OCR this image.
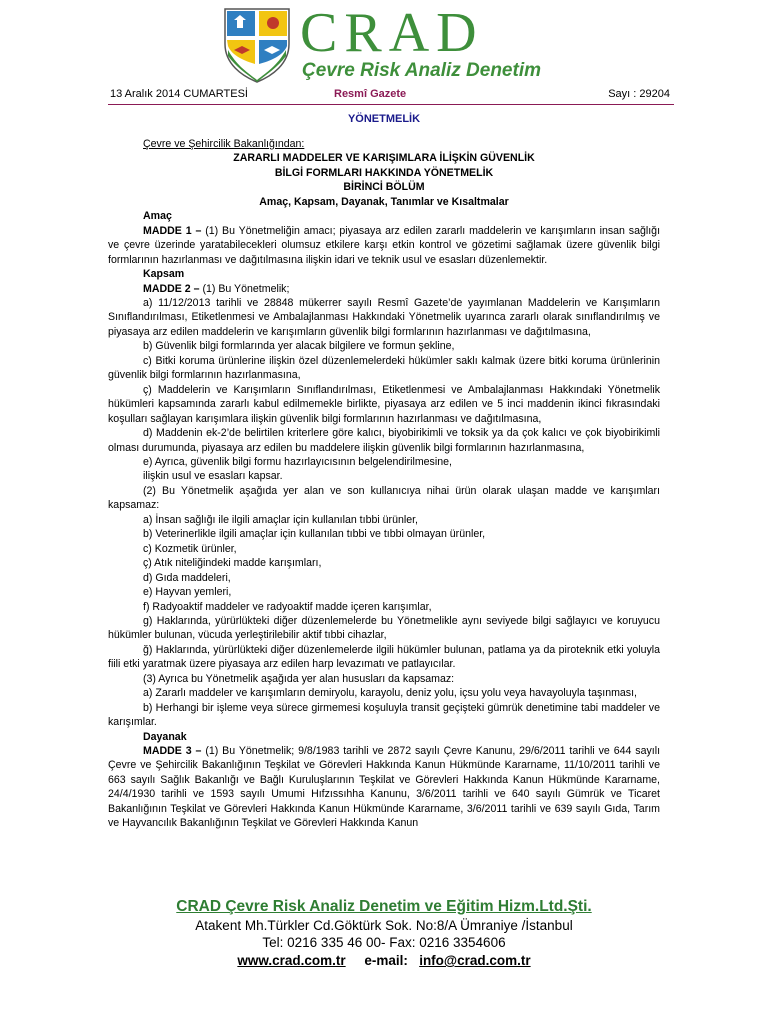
CRAD
Çevre Risk Analiz Denetim
13 Aralık 2014 CUMARTESİ	Resmî Gazete	Sayı : 29204
YÖNETMELİK

Çevre ve Şehircilik Bakanlığından:

ZARARLI MADDELER VE KARIŞIMLARA İLİŞKİN GÜVENLİK

BİLGİ FORMLARI HAKKINDA YÖNETMELİK

BİRİNCİ BÖLÜM

Amaç, Kapsam, Dayanak, Tanımlar ve Kısaltmalar

Amaç

MADDE 1 – (1) Bu Yönetmeliğin amacı; piyasaya arz edilen zararlı maddelerin ve karışımların insan sağlığı ve çevre üzerinde yaratabilecekleri olumsuz etkilere karşı etkin kontrol ve gözetimi sağlamak üzere güvenlik bilgi formlarının hazırlanması ve dağıtılmasına ilişkin idari ve teknik usul ve esasları düzenlemektir.

Kapsam

MADDE 2 – (1) Bu Yönetmelik;

a) 11/12/2013 tarihli ve 28848 mükerrer sayılı Resmî Gazete’de yayımlanan Maddelerin ve Karışımların Sınıflandırılması, Etiketlenmesi ve Ambalajlanması Hakkındaki Yönetmelik uyarınca zararlı olarak sınıflandırılmış ve piyasaya arz edilen maddelerin ve karışımların güvenlik bilgi formlarının hazırlanması ve dağıtılmasına,

b) Güvenlik bilgi formlarında yer alacak bilgilere ve formun şekline,

c) Bitki koruma ürünlerine ilişkin özel düzenlemelerdeki hükümler saklı kalmak üzere bitki koruma ürünlerinin güvenlik bilgi formlarının hazırlanmasına,

ç) Maddelerin ve Karışımların Sınıflandırılması, Etiketlenmesi ve Ambalajlanması Hakkındaki Yönetmelik hükümleri kapsamında zararlı kabul edilmemekle birlikte, piyasaya arz edilen ve 5 inci maddenin ikinci fıkrasındaki koşulları sağlayan karışımlara ilişkin güvenlik bilgi formlarının hazırlanması ve dağıtılmasına,

d) Maddenin ek-2’de belirtilen kriterlere göre kalıcı, biyobirikimli ve toksik ya da çok kalıcı ve çok biyobirikimli olması durumunda, piyasaya arz edilen bu maddelere ilişkin güvenlik bilgi formlarının hazırlanmasına,

e) Ayrıca, güvenlik bilgi formu hazırlayıcısının belgelendirilmesine,

ilişkin usul ve esasları kapsar.

(2) Bu Yönetmelik aşağıda yer alan ve son kullanıcıya nihai ürün olarak ulaşan madde ve karışımları kapsamaz:

a) İnsan sağlığı ile ilgili amaçlar için kullanılan tıbbi ürünler,

b) Veterinerlikle ilgili amaçlar için kullanılan tıbbi ve tıbbi olmayan ürünler,

c) Kozmetik ürünler,

ç) Atık niteliğindeki madde karışımları,

d) Gıda maddeleri,

e) Hayvan yemleri,

f) Radyoaktif maddeler ve radyoaktif madde içeren karışımlar,

g) Haklarında, yürürlükteki diğer düzenlemelerde bu Yönetmelikle aynı seviyede bilgi sağlayıcı ve koruyucu hükümler bulunan, vücuda yerleştirilebilir aktif tıbbi cihazlar,

ğ) Haklarında, yürürlükteki diğer düzenlemelerde ilgili hükümler bulunan, patlama ya da piroteknik etki yoluyla fiili etki yaratmak üzere piyasaya arz edilen harp levazımatı ve patlayıcılar.

(3) Ayrıca bu Yönetmelik aşağıda yer alan hususları da kapsamaz:

a) Zararlı maddeler ve karışımların demiryolu, karayolu, deniz yolu, içsu yolu veya havayoluyla taşınması,

b) Herhangi bir işleme veya sürece girmemesi koşuluyla transit geçişteki gümrük denetimine tabi maddeler ve karışımlar.

Dayanak

MADDE 3 – (1) Bu Yönetmelik; 9/8/1983 tarihli ve 2872 sayılı Çevre Kanunu, 29/6/2011 tarihli ve 644 sayılı Çevre ve Şehircilik Bakanlığının Teşkilat ve Görevleri Hakkında Kanun Hükmünde Kararname, 11/10/2011 tarihli ve 663 sayılı Sağlık Bakanlığı ve Bağlı Kuruluşlarının Teşkilat ve Görevleri Hakkında Kanun Hükmünde Kararname, 24/4/1930 tarihli ve 1593 sayılı Umumi Hıfzıssıhha Kanunu, 3/6/2011 tarihli ve 640 sayılı Gümrük ve Ticaret Bakanlığının Teşkilat ve Görevleri Hakkında Kanun Hükmünde Kararname, 3/6/2011 tarihli ve 639 sayılı Gıda, Tarım ve Hayvancılık Bakanlığının Teşkilat ve Görevleri Hakkında Kanun

CRAD Çevre Risk Analiz Denetim ve Eğitim Hizm.Ltd.Şti.
Atakent Mh.Türkler Cd.Göktürk Sok. No:8/A Ümraniye /İstanbul
Tel: 0216 335 46 00- Fax: 0216 3354606
www.crad.com.tr e-mail: info@crad.com.tr
